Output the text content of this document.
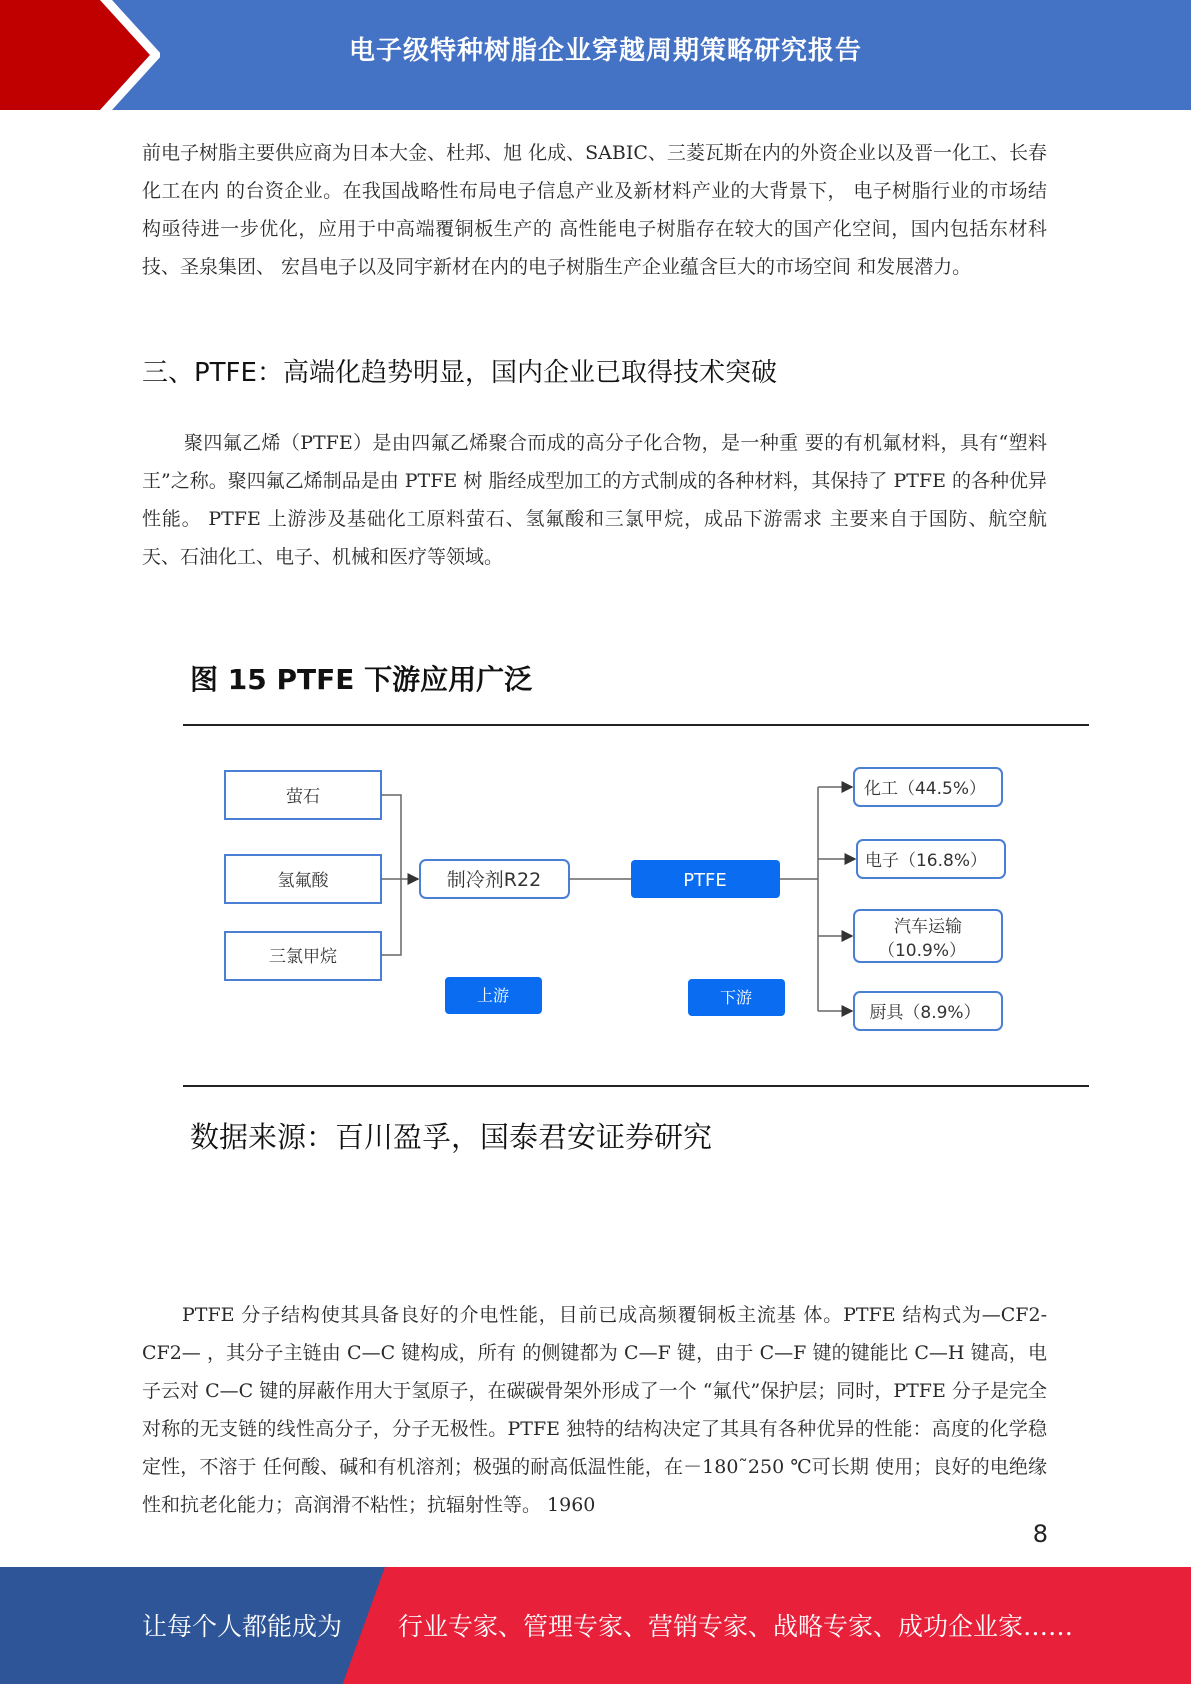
电子级特种树脂企业穿越周期策略研究报告

前电子树脂主要供应商为日本大金、杜邦、旭 化成、SABIC、三菱瓦斯在内的外资企业以及晋一化工、长春化工在内 的台资企业。在我国战略性布局电子信息产业及新材料产业的大背景下， 电子树脂行业的市场结构亟待进一步优化，应用于中高端覆铜板生产的 高性能电子树脂存在较大的国产化空间，国内包括东材科技、圣泉集团、 宏昌电子以及同宇新材在内的电子树脂生产企业蕴含巨大的市场空间 和发展潜力。

三、PTFE：高端化趋势明显，国内企业已取得技术突破

聚四氟乙烯（PTFE）是由四氟乙烯聚合而成的高分子化合物，是一种重 要的有机氟材料，具有“塑料王”之称。聚四氟乙烯制品是由 PTFE 树 脂经成型加工的方式制成的各种材料，其保持了 PTFE 的各种优异性能。 PTFE 上游涉及基础化工原料萤石、氢氟酸和三氯甲烷，成品下游需求 主要来自于国防、航空航天、石油化工、电子、机械和医疗等领域。

图 15 PTFE 下游应用广泛
萤石
氢氟酸
三氯甲烷
制冷剂R22	PTFE
化工（44.5%）
电子（16.8%）
汽车运输
（10.9%）
厨具（8.9%）
上游	下游

数据来源：百川盈孚，国泰君安证券研究

PTFE 分子结构使其具备良好的介电性能，目前已成高频覆铜板主流基 体。PTFE 结构式为—CF2-CF2— ，其分子主链由 C—C 键构成，所有 的侧键都为 C—F 键，由于 C—F 键的键能比 C—H 键高，电子云对 C—C 键的屏蔽作用大于氢原子，在碳碳骨架外形成了一个 “氟代”保护层；同时，PTFE 分子是完全对称的无支链的线性高分子，分子无极性。PTFE 独特的结构决定了其具有各种优异的性能：高度的化学稳定性，不溶于 任何酸、碱和有机溶剂；极强的耐高低温性能，在－180˜250 ℃可长期 使用；良好的电绝缘性和抗老化能力；高润滑不粘性；抗辐射性等。 1960

8
让每个人都能成为 行业专家、管理专家、营销专家、战略专家、成功企业家……
